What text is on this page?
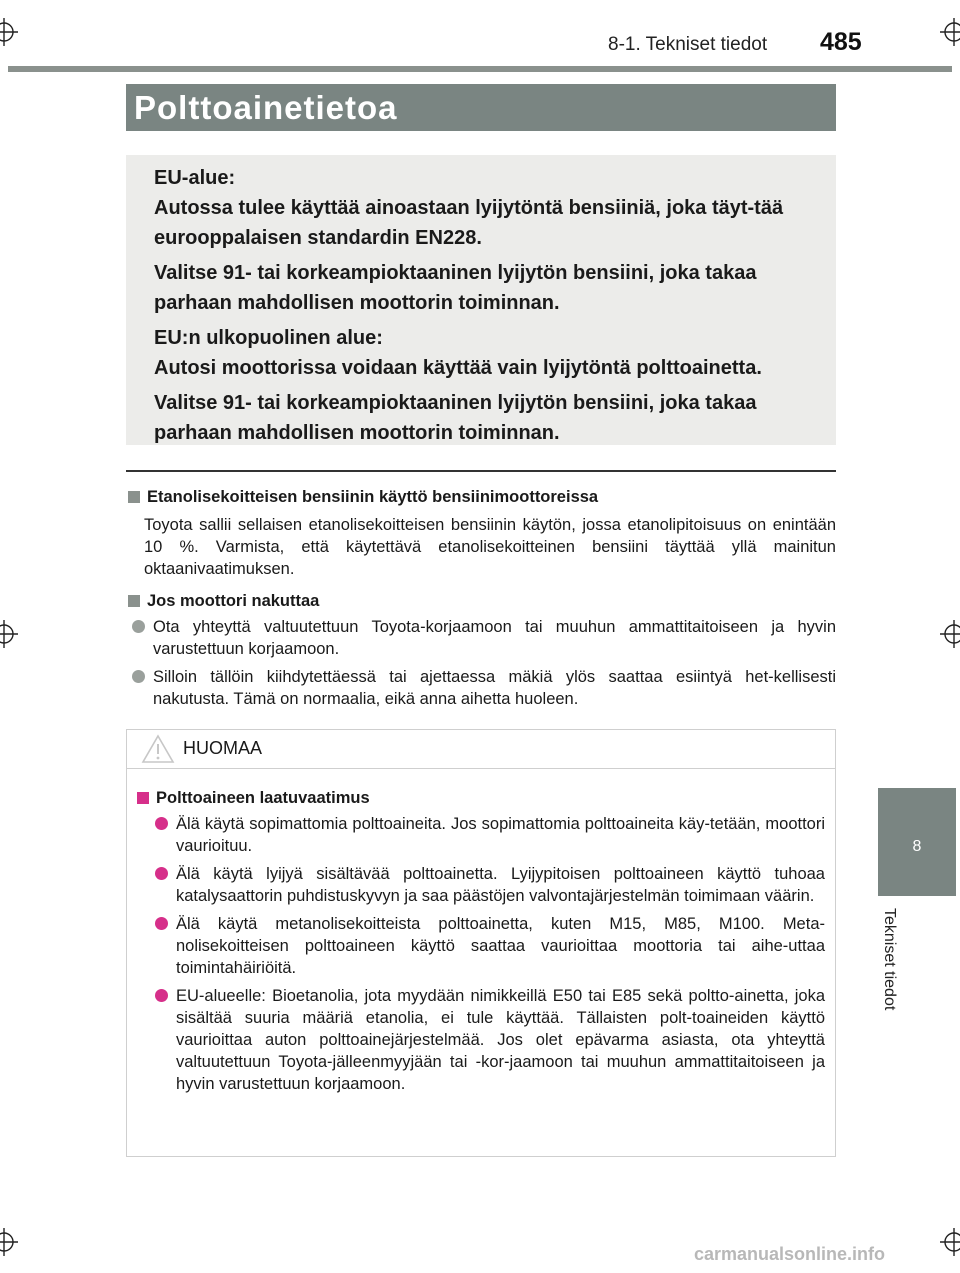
8-1. Tekniset tiedot 485
Polttoainetietoa

EU-alue:

Autossa tulee käyttää ainoastaan lyijytöntä bensiiniä, joka täyt-tää eurooppalaisen standardin EN228.

Valitse 91- tai korkeampioktaaninen lyijytön bensiini, joka takaa parhaan mahdollisen moottorin toiminnan.

EU:n ulkopuolinen alue:

Autosi moottorissa voidaan käyttää vain lyijytöntä polttoainetta.

Valitse 91- tai korkeampioktaaninen lyijytön bensiini, joka takaa parhaan mahdollisen moottorin toiminnan.

8
Tekniset tiedot
Etanolisekoitteisen bensiinin käyttö bensiinimoottoreissa
Toyota sallii sellaisen etanolisekoitteisen bensiinin käytön, jossa etanolipitoisuus on enintään 10 %. Varmista, että käytettävä etanolisekoitteinen bensiini täyttää yllä mainitun oktaanivaatimuksen.
Jos moottori nakuttaa
Ota yhteyttä valtuutettuun Toyota-korjaamoon tai muuhun ammattitaitoiseen ja hyvin varustettuun korjaamoon.
Silloin tällöin kiihdytettäessä tai ajettaessa mäkiä ylös saattaa esiintyä het-kellisesti nakutusta. Tämä on normaalia, eikä anna aihetta huoleen.
HUOMAA
Polttoaineen laatuvaatimus
Älä käytä sopimattomia polttoaineita. Jos sopimattomia polttoaineita käy-tetään, moottori vaurioituu.
Älä käytä lyijyä sisältävää polttoainetta. Lyijypitoisen polttoaineen käyttö tuhoaa katalysaattorin puhdistuskyvyn ja saa päästöjen valvontajärjestelmän toimimaan väärin.
Älä käytä metanolisekoitteista polttoainetta, kuten M15, M85, M100. Meta-nolisekoitteisen polttoaineen käyttö saattaa vaurioittaa moottoria tai aihe-uttaa toimintahäiriöitä.
EU-alueelle: Bioetanolia, jota myydään nimikkeillä E50 tai E85 sekä poltto-ainetta, joka sisältää suuria määriä etanolia, ei tule käyttää. Tällaisten polt-toaineiden käyttö vaurioittaa auton polttoainejärjestelmää. Jos olet epävarma asiasta, ota yhteyttä valtuutettuun Toyota-jälleenmyyjään tai -kor-jaamoon tai muuhun ammattitaitoiseen ja hyvin varustettuun korjaamoon.
carmanualsonline.info
